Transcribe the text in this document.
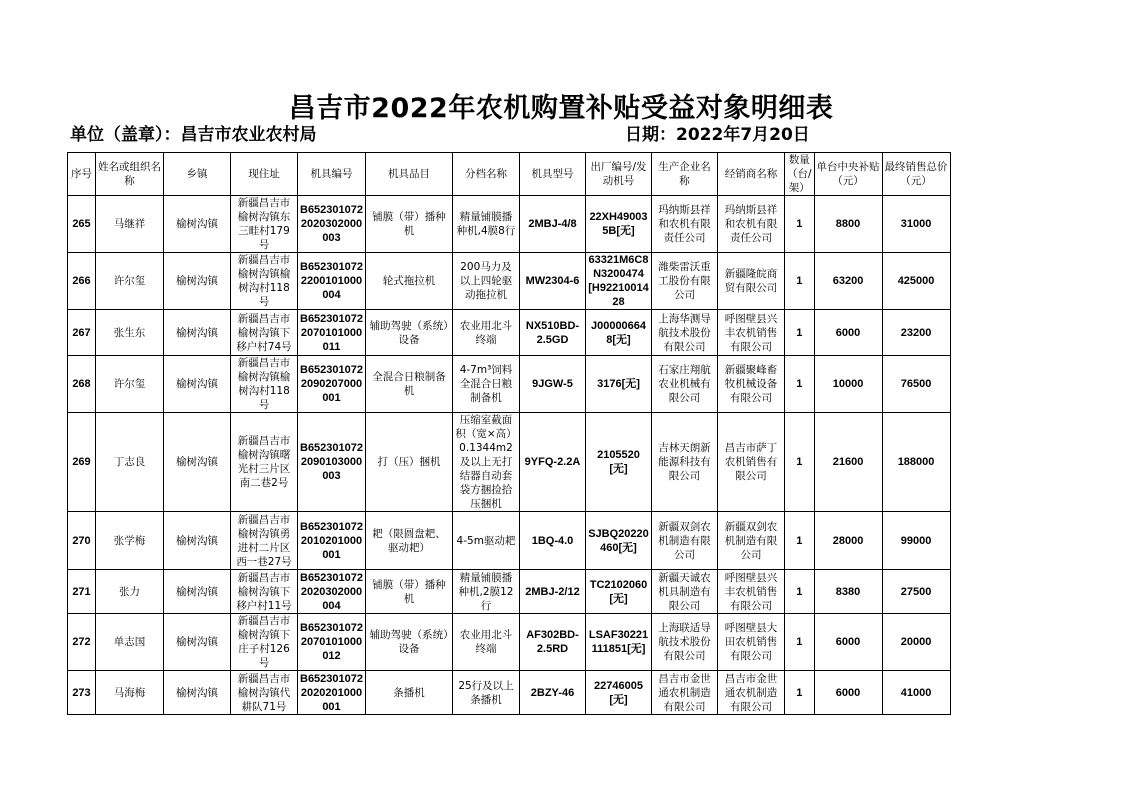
昌吉市2022年农机购置补贴受益对象明细表
单位（盖章）：昌吉市农业农村局	日期：2022年7月20日
序号	姓名或组织名称	乡镇	现住址	机具编号	机具品目	分档名称	机具型号	出厂编号/发动机号	生产企业名称	经销商名称	数量（台/架）	单台中央补贴（元）	最终销售总价（元）
265	马继祥	榆树沟镇	新疆昌吉市榆树沟镇东三畦村179号	B6523010722020302000003	铺膜（带）播种机	精量铺膜播种机,4膜8行	2MBJ-4/8	22XH490035B[无]	玛纳斯县祥和农机有限责任公司	玛纳斯县祥和农机有限责任公司	1	8800	31000
266	许尔玺	榆树沟镇	新疆昌吉市榆树沟镇榆树沟村118号	B6523010722200101000004	轮式拖拉机	200马力及以上四轮驱动拖拉机	MW2304-6	63321M6C8N3200474[H9221001428	潍柴雷沃重工股份有限公司	新疆隆皖商贸有限公司	1	63200	425000
267	张生东	榆树沟镇	新疆昌吉市榆树沟镇下移户村74号	B6523010722070101000011	辅助驾驶（系统）设备	农业用北斗终端	NX510BD-2.5GD	J000006648[无]	上海华测导航技术股份有限公司	呼图壁县兴丰农机销售有限公司	1	6000	23200
268	许尔玺	榆树沟镇	新疆昌吉市榆树沟镇榆树沟村118号	B6523010722090207000001	全混合日粮制备机	4-7m³饲料全混合日粮制备机	9JGW-5	3176[无]	石家庄翔航农业机械有限公司	新疆聚峰畜牧机械设备有限公司	1	10000	76500
269	丁志良	榆树沟镇	新疆昌吉市榆树沟镇曙光村三片区南二巷2号	B6523010722090103000003	打（压）捆机	压缩室截面积（宽×高）0.1344m2及以上无打结器自动套袋方捆捡拾压捆机	9YFQ-2.2A	2105520[无]	吉林天朗新能源科技有限公司	昌吉市萨丁农机销售有限公司	1	21600	188000
270	张学梅	榆树沟镇	新疆昌吉市榆树沟镇勇进村二片区西一巷27号	B6523010722010201000001	耙（限圆盘耙、驱动耙）	4-5m驱动耙	1BQ-4.0	SJBQ20220460[无]	新疆双剑农机制造有限公司	新疆双剑农机制造有限公司	1	28000	99000
271	张力	榆树沟镇	新疆昌吉市榆树沟镇下移户村11号	B6523010722020302000004	铺膜（带）播种机	精量铺膜播种机,2膜12行	2MBJ-2/12	TC2102060[无]	新疆天诚农机具制造有限公司	呼图壁县兴丰农机销售有限公司	1	8380	27500
272	单志国	榆树沟镇	新疆昌吉市榆树沟镇下庄子村126号	B6523010722070101000012	辅助驾驶（系统）设备	农业用北斗终端	AF302BD-2.5RD	LSAF30221111851[无]	上海联适导航技术股份有限公司	呼图壁县大田农机销售有限公司	1	6000	20000
273	马海梅	榆树沟镇	新疆昌吉市榆树沟镇代耕队71号	B6523010722020201000001	条播机	25行及以上条播机	2BZY-46	22746005[无]	昌吉市金世通农机制造有限公司	昌吉市金世通农机制造有限公司	1	6000	41000
